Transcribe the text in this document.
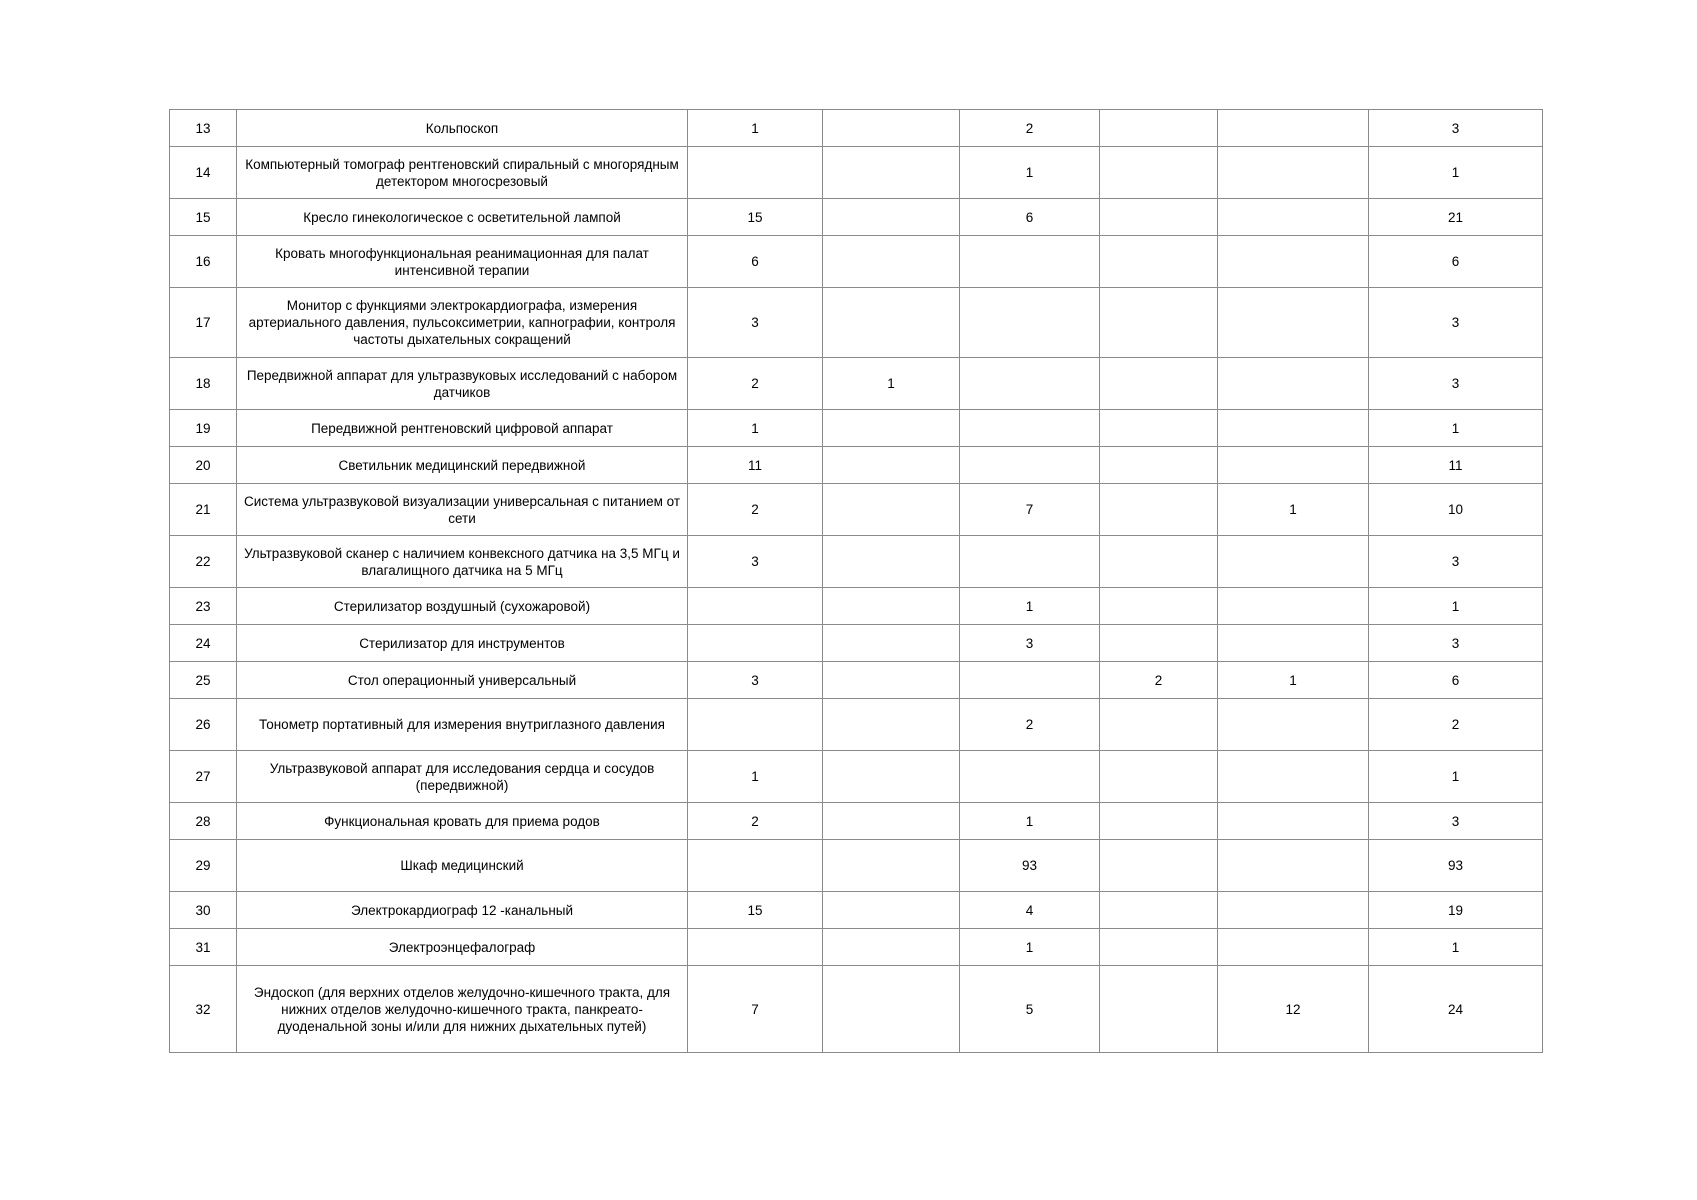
13	Кольпоскоп	1		2			3
14	Компьютерный томограф рентгеновский спиральный с многорядным детектором многосрезовый			1			1
15	Кресло гинекологическое с осветительной лампой	15		6			21
16	Кровать многофункциональная реанимационная для палат интенсивной терапии	6					6
17	Монитор с функциями электрокардиографа, измерения артериального давления, пульсоксиметрии, капнографии, контроля частоты дыхательных сокращений	3					3
18	Передвижной аппарат для ультразвуковых исследований с набором датчиков	2	1				3
19	Передвижной рентгеновский цифровой аппарат	1					1
20	Светильник медицинский передвижной	11					11
21	Система ультразвуковой визуализации универсальная с питанием от сети	2		7		1	10
22	Ультразвуковой сканер с наличием конвексного датчика на 3,5 МГц и влагалищного датчика на 5 МГц	3					3
23	Стерилизатор воздушный (сухожаровой)			1			1
24	Стерилизатор для инструментов			3			3
25	Стол операционный универсальный	3			2	1	6
26	Тонометр портативный для измерения внутриглазного давления			2			2
27	Ультразвуковой аппарат для исследования сердца и сосудов (передвижной)	1					1
28	Функциональная кровать для приема родов	2		1			3
29	Шкаф медицинский			93			93
30	Электрокардиограф 12 -канальный	15		4			19
31	Электроэнцефалограф			1			1
32	Эндоскоп (для верхних отделов желудочно-кишечного тракта, для нижних отделов желудочно-кишечного тракта, панкреато-дуоденальной зоны и/или для нижних дыхательных путей)	7		5		12	24
